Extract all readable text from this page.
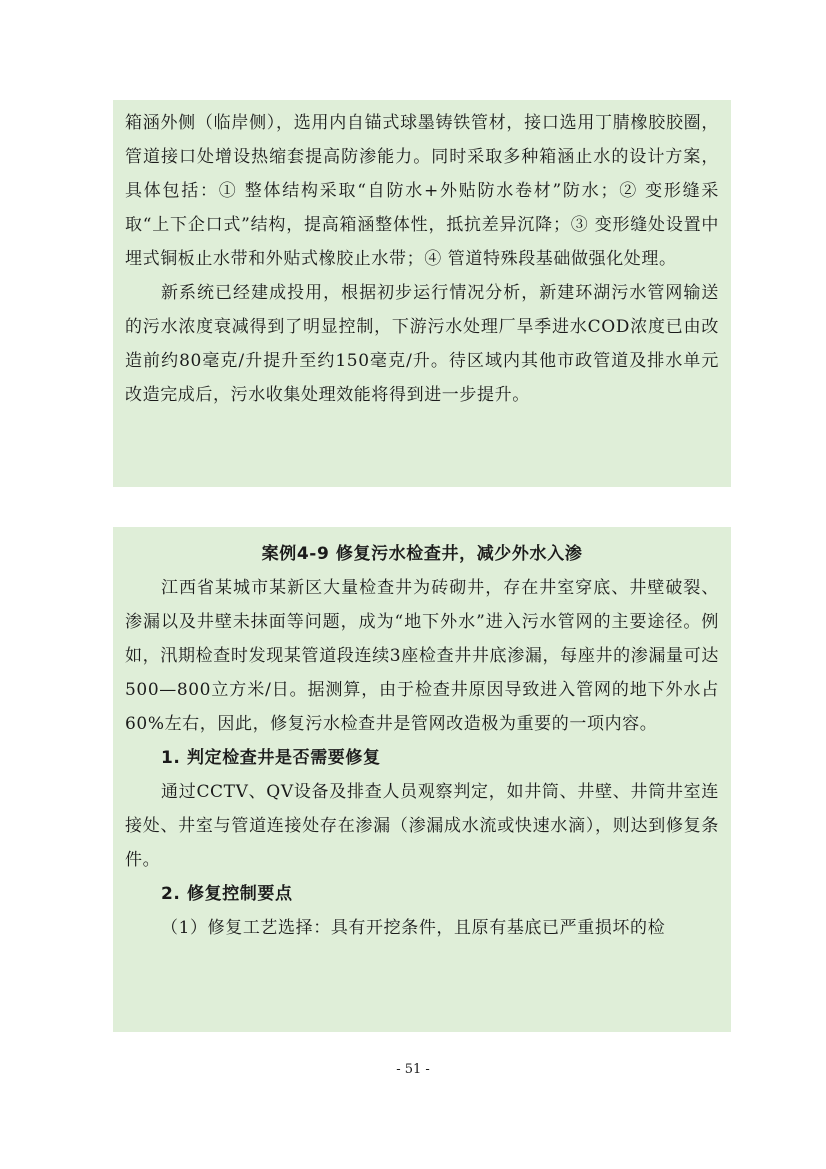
箱涵外侧（临岸侧），选用内自锚式球墨铸铁管材，接口选用丁腈橡胶胶圈，管道接口处增设热缩套提高防渗能力。同时采取多种箱涵止水的设计方案，具体包括：① 整体结构采取“自防水+外贴防水卷材”防水；② 变形缝采取“上下企口式”结构，提高箱涵整体性，抵抗差异沉降；③ 变形缝处设置中埋式铜板止水带和外贴式橡胶止水带；④ 管道特殊段基础做强化处理。

新系统已经建成投用，根据初步运行情况分析，新建环湖污水管网输送的污水浓度衰减得到了明显控制，下游污水处理厂旱季进水COD浓度已由改造前约80毫克/升提升至约150毫克/升。待区域内其他市政管道及排水单元改造完成后，污水收集处理效能将得到进一步提升。

案例4-9 修复污水检查井，减少外水入渗

江西省某城市某新区大量检查井为砖砌井，存在井室穿底、井壁破裂、渗漏以及井壁未抹面等问题，成为“地下外水”进入污水管网的主要途径。例如，汛期检查时发现某管道段连续3座检查井井底渗漏，每座井的渗漏量可达500—800立方米/日。据测算，由于检查井原因导致进入管网的地下外水占60%左右，因此，修复污水检查井是管网改造极为重要的一项内容。

1. 判定检查井是否需要修复

通过CCTV、QV设备及排查人员观察判定，如井筒、井壁、井筒井室连接处、井室与管道连接处存在渗漏（渗漏成水流或快速水滴），则达到修复条件。

2. 修复控制要点

（1）修复工艺选择：具有开挖条件，且原有基底已严重损坏的检

- 51 -
